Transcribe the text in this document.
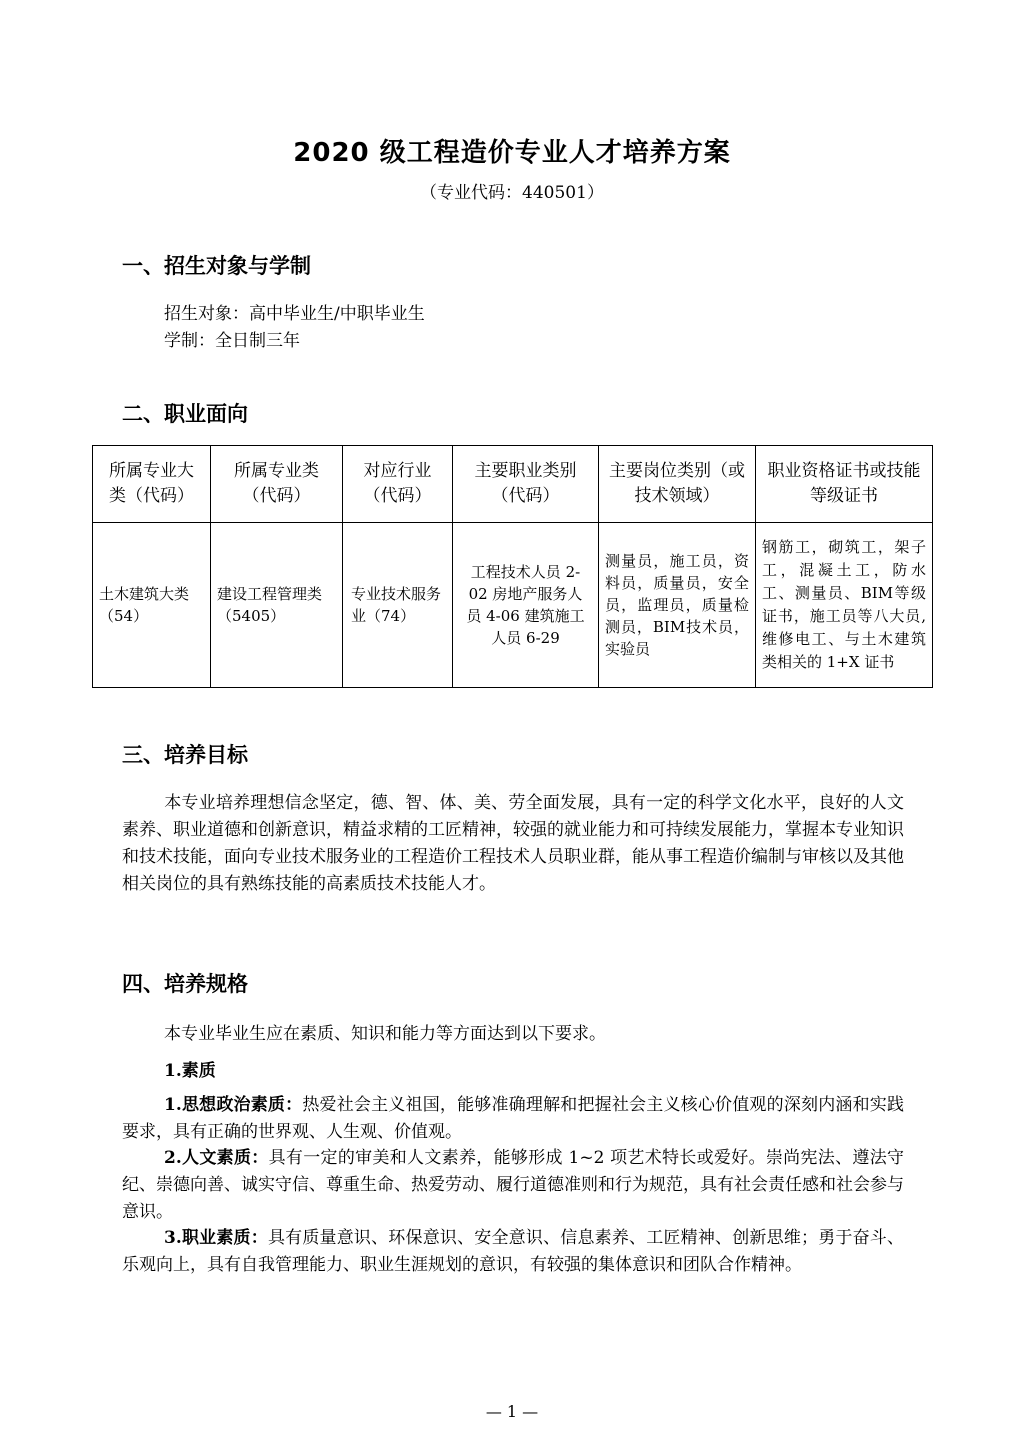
2020 级工程造价专业人才培养方案
（专业代码：440501）
一、招生对象与学制
招生对象：高中毕业生/中职毕业生
学制：全日制三年
二、职业面向
所属专业大类（代码）	所属专业类（代码）	对应行业（代码）	主要职业类别（代码）	主要岗位类别（或技术领域）	职业资格证书或技能等级证书
土木建筑大类（54）	建设工程管理类（5405）	专业技术服务业（74）	工程技术人员 2-02 房地产服务人员 4-06 建筑施工人员 6-29	测量员，施工员，资料员，质量员，安全员，监理员，质量检测员，BIM技术员，实验员	钢筋工，砌筑工，架子工，混凝土工，防水工、测量员、BIM等级证书，施工员等八大员, 维修电工、与土木建筑类相关的 1+X 证书
三、培养目标
本专业培养理想信念坚定，德、智、体、美、劳全面发展，具有一定的科学文化水平，良好的人文素养、职业道德和创新意识，精益求精的工匠精神，较强的就业能力和可持续发展能力，掌握本专业知识和技术技能，面向专业技术服务业的工程造价工程技术人员职业群，能从事工程造价编制与审核以及其他相关岗位的具有熟练技能的高素质技术技能人才。
四、培养规格
本专业毕业生应在素质、知识和能力等方面达到以下要求。
1.素质
1.思想政治素质：热爱社会主义祖国，能够准确理解和把握社会主义核心价值观的深刻内涵和实践要求，具有正确的世界观、人生观、价值观。
2.人文素质：具有一定的审美和人文素养，能够形成 1~2 项艺术特长或爱好。崇尚宪法、遵法守纪、崇德向善、诚实守信、尊重生命、热爱劳动、履行道德准则和行为规范，具有社会责任感和社会参与意识。
3.职业素质：具有质量意识、环保意识、安全意识、信息素养、工匠精神、创新思维；勇于奋斗、乐观向上，具有自我管理能力、职业生涯规划的意识，有较强的集体意识和团队合作精神。
— 1 —
